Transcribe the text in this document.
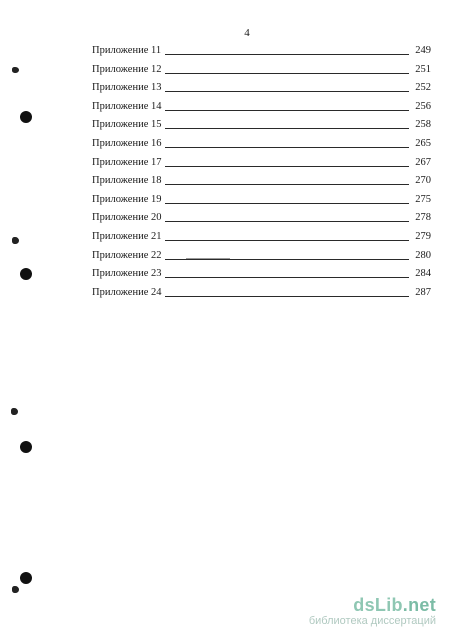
4
Приложение 11	249
Приложение 12	251
Приложение 13	252
Приложение 14	256
Приложение 15	258
Приложение 16	265
Приложение 17	267
Приложение 18	270
Приложение 19	275
Приложение 20	278
Приложение 21	279
Приложение 22	280
Приложение 23	284
Приложение 24	287
dsLib.net
библиотека диссертаций
